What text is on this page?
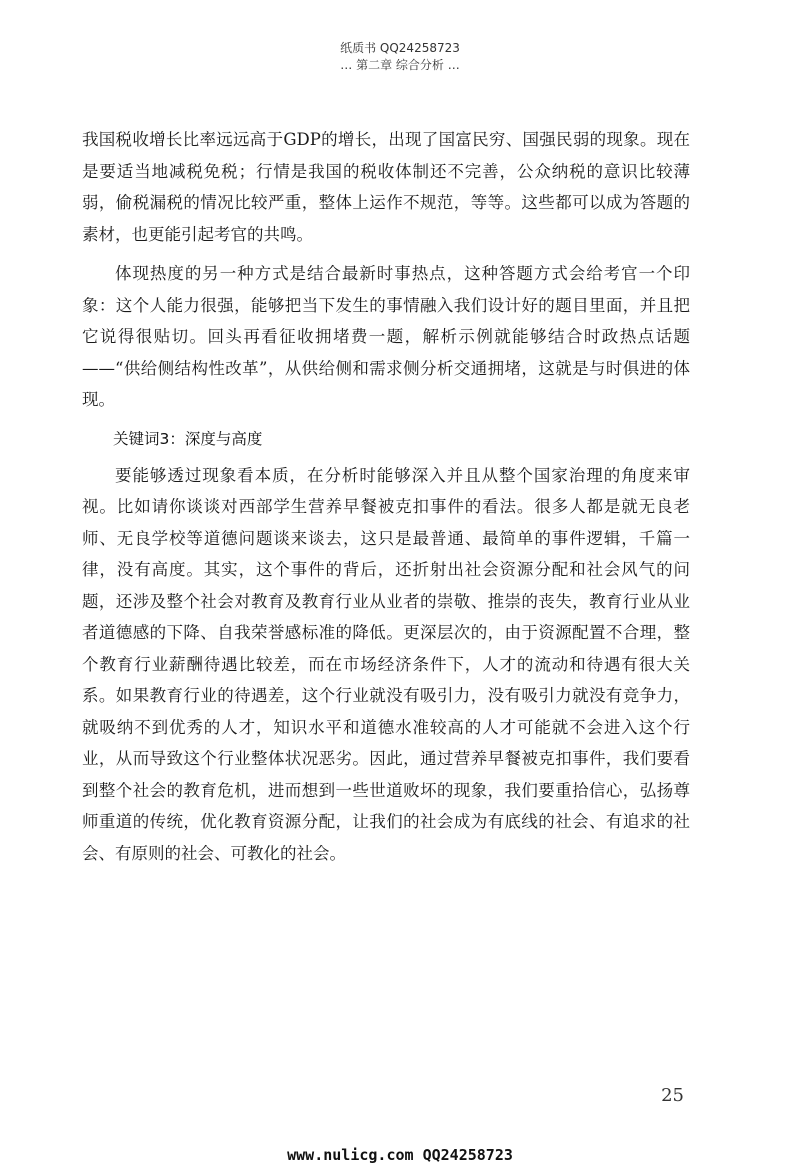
纸质书 QQ24258723
… 第二章 综合分析 …

我国税收增长比率远远高于GDP的增长，出现了国富民穷、国强民弱的现象。现在是要适当地减税免税；行情是我国的税收体制还不完善，公众纳税的意识比较薄弱，偷税漏税的情况比较严重，整体上运作不规范，等等。这些都可以成为答题的素材，也更能引起考官的共鸣。

体现热度的另一种方式是结合最新时事热点，这种答题方式会给考官一个印象：这个人能力很强，能够把当下发生的事情融入我们设计好的题目里面，并且把它说得很贴切。回头再看征收拥堵费一题，解析示例就能够结合时政热点话题——“供给侧结构性改革”，从供给侧和需求侧分析交通拥堵，这就是与时俱进的体现。

关键词3：深度与高度

要能够透过现象看本质，在分析时能够深入并且从整个国家治理的角度来审视。比如请你谈谈对西部学生营养早餐被克扣事件的看法。很多人都是就无良老师、无良学校等道德问题谈来谈去，这只是最普通、最简单的事件逻辑，千篇一律，没有高度。其实，这个事件的背后，还折射出社会资源分配和社会风气的问题，还涉及整个社会对教育及教育行业从业者的崇敬、推崇的丧失，教育行业从业者道德感的下降、自我荣誉感标准的降低。更深层次的，由于资源配置不合理，整个教育行业薪酬待遇比较差，而在市场经济条件下，人才的流动和待遇有很大关系。如果教育行业的待遇差，这个行业就没有吸引力，没有吸引力就没有竞争力，就吸纳不到优秀的人才，知识水平和道德水准较高的人才可能就不会进入这个行业，从而导致这个行业整体状况恶劣。因此，通过营养早餐被克扣事件，我们要看到整个社会的教育危机，进而想到一些世道败坏的现象，我们要重拾信心，弘扬尊师重道的传统，优化教育资源分配，让我们的社会成为有底线的社会、有追求的社会、有原则的社会、可教化的社会。

25
www.nulicg.com QQ24258723
